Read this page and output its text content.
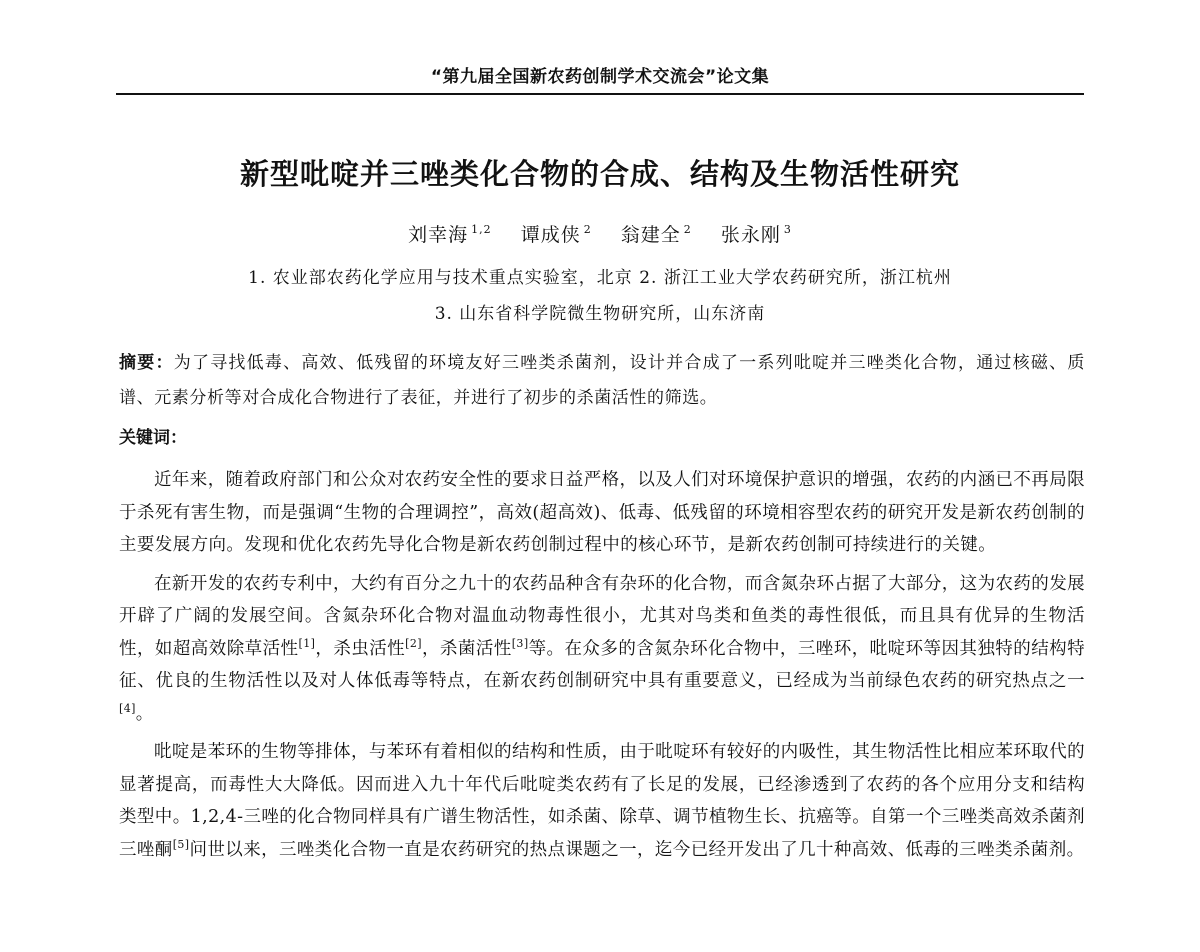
“第九届全国新农药创制学术交流会”论文集
新型吡啶并三唑类化合物的合成、结构及生物活性研究
刘幸海 $^{1,2}$ 谭成侠 $^2$ 翁建全 $^2$ 张永刚 $^3$
1. 农业部农药化学应用与技术重点实验室，北京 2. 浙江工业大学农药研究所，浙江杭州
3. 山东省科学院微生物研究所，山东济南
摘要：为了寻找低毒、高效、低残留的环境友好三唑类杀菌剂，设计并合成了一系列吡啶并三唑类化合物，通过核磁、质谱、元素分析等对合成化合物进行了表征，并进行了初步的杀菌活性的筛选。
关键词：

近年来，随着政府部门和公众对农药安全性的要求日益严格，以及人们对环境保护意识的增强，农药的内涵已不再局限于杀死有害生物，而是强调“生物的合理调控”，高效(超高效)、低毒、低残留的环境相容型农药的研究开发是新农药创制的主要发展方向。发现和优化农药先导化合物是新农药创制过程中的核心环节，是新农药创制可持续进行的关键。

在新开发的农药专利中，大约有百分之九十的农药品种含有杂环的化合物，而含氮杂环占据了大部分，这为农药的发展开辟了广阔的发展空间。含氮杂环化合物对温血动物毒性很小，尤其对鸟类和鱼类的毒性很低，而且具有优异的生物活性，如超高效除草活性[1]，杀虫活性[2]，杀菌活性[3]等。在众多的含氮杂环化合物中，三唑环，吡啶环等因其独特的结构特征、优良的生物活性以及对人体低毒等特点，在新农药创制研究中具有重要意义，已经成为当前绿色农药的研究热点之一[4]。

吡啶是苯环的生物等排体，与苯环有着相似的结构和性质，由于吡啶环有较好的内吸性，其生物活性比相应苯环取代的显著提高，而毒性大大降低。因而进入九十年代后吡啶类农药有了长足的发展，已经渗透到了农药的各个应用分支和结构类型中。1,2,4-三唑的化合物同样具有广谱生物活性，如杀菌、除草、调节植物生长、抗癌等。自第一个三唑类高效杀菌剂三唑酮[5]问世以来，三唑类化合物一直是农药研究的热点课题之一，迄今已经开发出了几十种高效、低毒的三唑类杀菌剂。
